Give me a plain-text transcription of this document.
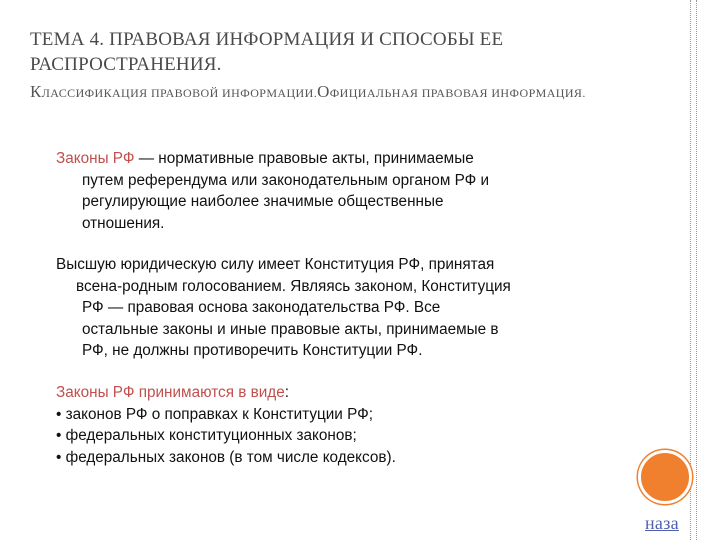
ТЕМА 4. ПРАВОВАЯ ИНФОРМАЦИЯ И СПОСОБЫ ЕЕ РАСПРОСТРАНЕНИЯ.
КЛАССИФИКАЦИЯ ПРАВОВОЙ ИНФОРМАЦИИ.ОФИЦИАЛЬНАЯ ПРАВОВАЯ ИНФОРМАЦИЯ.
Законы РФ — нормативные правовые акты, принимаемые
путем референдума или законодательным органом РФ и
регулирующие наиболее значимые общественные
отношения.
Высшую юридическую силу имеет Конституция РФ, принятая
всена-родным голосованием. Являясь законом, Конституция
РФ — правовая основа законодательства РФ. Все
остальные законы и иные правовые акты, принимаемые в
РФ, не должны противоречить Конституции РФ.
Законы РФ принимаются в виде:
• законов РФ о поправках к Конституции РФ;
• федеральных конституционных законов;
• федеральных законов (в том числе кодексов).
наза
